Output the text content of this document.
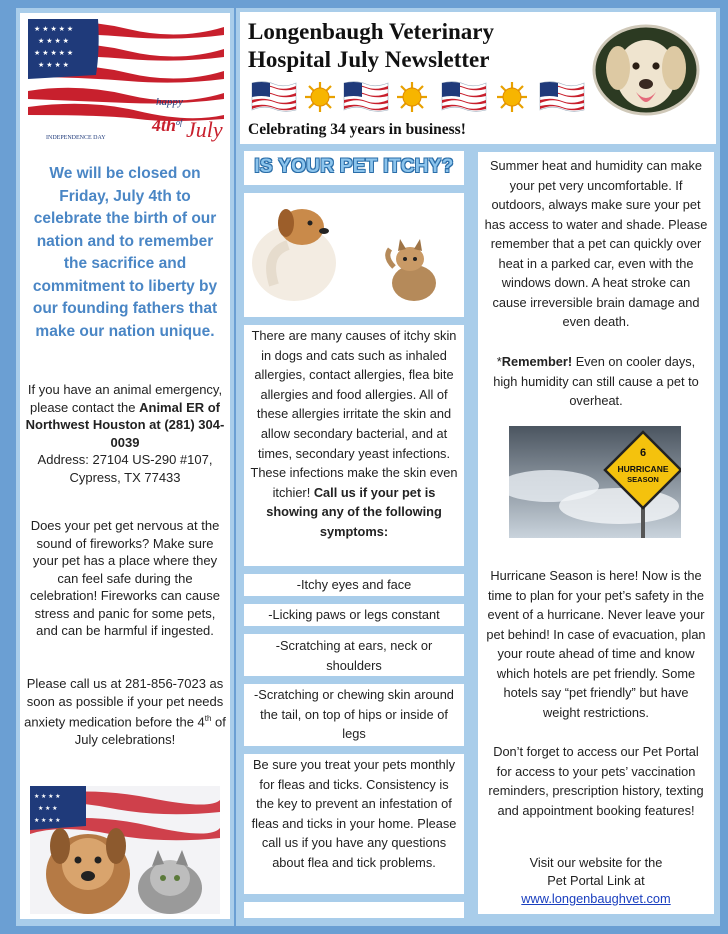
★ ★ ★ ★ ★
★ ★ ★ ★
★ ★ ★ ★ ★
★ ★ ★ ★
INDEPENDENCE DAY
happy
4th of July
We will be closed on Friday, July 4th to celebrate the birth of our nation and to remember the sacrifice and commitment to liberty by our founding fathers that make our nation unique.
If you have an animal emergency, please contact the Animal ER of Northwest Houston at (281) 304-0039
Address: 27104 US-290 #107, Cypress, TX 77433
Does your pet get nervous at the sound of fireworks? Make sure your pet has a place where they can feel safe during the celebration! Fireworks can cause stress and panic for some pets, and can be harmful if ingested.
Please call us at 281-856-7023 as soon as possible if your pet needs anxiety medication before the 4th of July celebrations!
★ ★ ★ ★
★ ★ ★
★ ★ ★ ★
Longenbaugh Veterinary
Hospital July Newsletter
Celebrating 34 years in business!
IS YOUR PET ITCHY?
There are many causes of itchy skin in dogs and cats such as inhaled allergies, contact allergies, flea bite allergies and food allergies. All of these allergies irritate the skin and allow secondary bacterial, and at times, secondary yeast infections. These infections make the skin even itchier! Call us if your pet is showing any of the following symptoms:
-Itchy eyes and face
-Licking paws or legs constant
-Scratching at ears, neck or shoulders
-Scratching or chewing skin around the tail, on top of hips or inside of legs
Be sure you treat your pets monthly for fleas and ticks. Consistency is the key to prevent an infestation of fleas and ticks in your home. Please call us if you have any questions about flea and tick problems.
Summer heat and humidity can make your pet very uncomfortable. If outdoors, always make sure your pet has access to water and shade. Please remember that a pet can quickly over heat in a parked car, even with the windows down. A heat stroke can cause irreversible brain damage and even death.
*Remember! Even on cooler days, high humidity can still cause a pet to overheat.
6
HURRICANE
SEASON
Hurricane Season is here! Now is the time to plan for your pet’s safety in the event of a hurricane. Never leave your pet behind! In case of evacuation, plan your route ahead of time and know which hotels are pet friendly. Some hotels say “pet friendly” but have weight restrictions.
Don’t forget to access our Pet Portal for access to your pets’ vaccination reminders, prescription history, texting and appointment booking features!
Visit our website for the
Pet Portal Link at
www.longenbaughvet.com
